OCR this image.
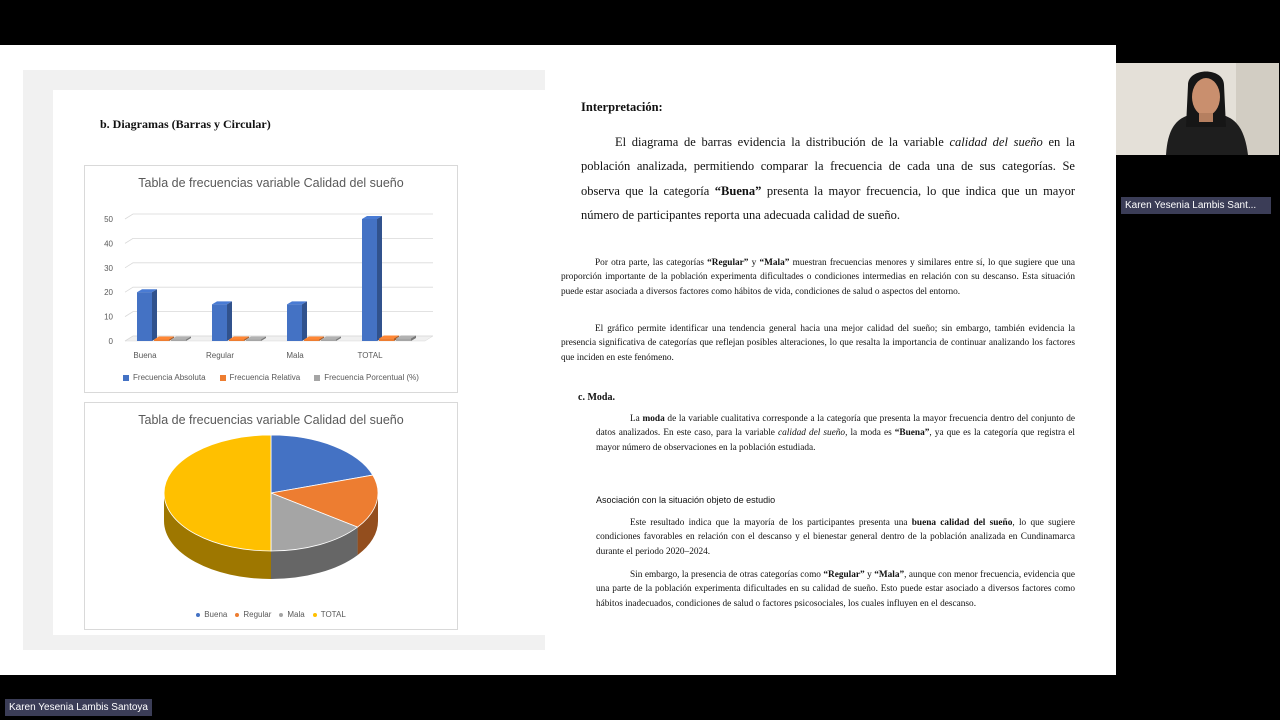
b. Diagramas (Barras y Circular)
Tabla de frecuencias variable Calidad del sueño
0
10
20
30
40
50
Buena	Regular	Mala	TOTAL
Frecuencia Absoluta	Frecuencia Relativa	Frecuencia Porcentual (%)
Tabla de frecuencias variable Calidad del sueño
Buena Regular Mala TOTAL
Interpretación:
El diagrama de barras evidencia la distribución de la variable calidad del sueño en la población analizada, permitiendo comparar la frecuencia de cada una de sus categorías. Se observa que la categoría “Buena” presenta la mayor frecuencia, lo que indica que un mayor número de participantes reporta una adecuada calidad de sueño.
Por otra parte, las categorías “Regular” y “Mala” muestran frecuencias menores y similares entre sí, lo que sugiere que una proporción importante de la población experimenta dificultades o condiciones intermedias en relación con su descanso. Esta situación puede estar asociada a diversos factores como hábitos de vida, condiciones de salud o aspectos del entorno.
El gráfico permite identificar una tendencia general hacia una mejor calidad del sueño; sin embargo, también evidencia la presencia significativa de categorías que reflejan posibles alteraciones, lo que resalta la importancia de continuar analizando los factores que inciden en este fenómeno.
c. Moda.
La moda de la variable cualitativa corresponde a la categoría que presenta la mayor frecuencia dentro del conjunto de datos analizados. En este caso, para la variable calidad del sueño, la moda es “Buena”, ya que es la categoría que registra el mayor número de observaciones en la población estudiada.
Asociación con la situación objeto de estudio
Este resultado indica que la mayoría de los participantes presenta una buena calidad del sueño, lo que sugiere condiciones favorables en relación con el descanso y el bienestar general dentro de la población analizada en Cundinamarca durante el periodo 2020–2024.
Sin embargo, la presencia de otras categorías como “Regular” y “Mala”, aunque con menor frecuencia, evidencia que una parte de la población experimenta dificultades en su calidad de sueño. Esto puede estar asociado a diversos factores como hábitos inadecuados, condiciones de salud o factores psicosociales, los cuales influyen en el descanso.
Karen Yesenia Lambis Sant...
Karen Yesenia Lambis Santoya
